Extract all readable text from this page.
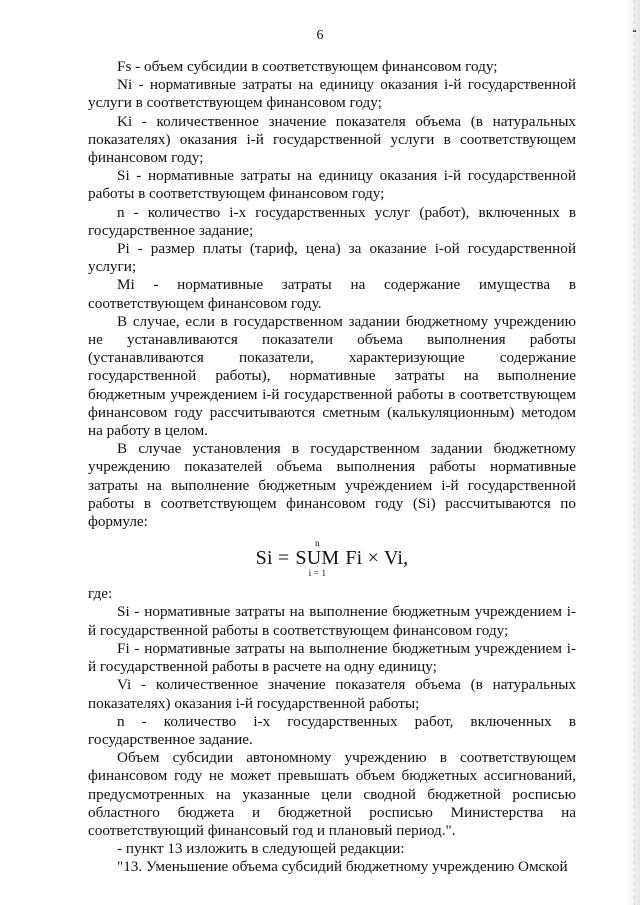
6

Fs - объем субсидии в соответствующем финансовом году;

Ni - нормативные затраты на единицу оказания i-й государственной услуги в соответствующем финансовом году;

Ki - количественное значение показателя объема (в натуральных показателях) оказания i-й государственной услуги в соответствующем финансовом году;

Si - нормативные затраты на единицу оказания i-й государственной работы в соответствующем финансовом году;

n - количество i-х государственных услуг (работ), включенных в государственное задание;

Pi - размер платы (тариф, цена) за оказание i-ой государственной услуги;

Mi - нормативные затраты на содержание имущества в соответствующем финансовом году.

В случае, если в государственном задании бюджетному учреждению не устанавливаются показатели объема выполнения работы (устанавливаются показатели, характеризующие содержание государственной работы), нормативные затраты на выполнение бюджетным учреждением i-й государственной работы в соответствующем финансовом году рассчитываются сметным (калькуляционным) методом на работу в целом.

В случае установления в государственном задании бюджетному учреждению показателей объема выполнения работы нормативные затраты на выполнение бюджетным учреждением i-й государственной работы в соответствующем финансовом году (Si) рассчитываются по формуле:

Si =
n
SUM
i = 1
Fi × Vi,

где:

Si - нормативные затраты на выполнение бюджетным учреждением i-й государственной работы в соответствующем финансовом году;

Fi - нормативные затраты на выполнение бюджетным учреждением i-й государственной работы в расчете на одну единицу;

Vi - количественное значение показателя объема (в натуральных показателях) оказания i-й государственной работы;

n - количество i-х государственных работ, включенных в государственное задание.

Объем субсидии автономному учреждению в соответствующем финансовом году не может превышать объем бюджетных ассигнований, предусмотренных на указанные цели сводной бюджетной росписью областного бюджета и бюджетной росписью Министерства на соответствующий финансовый год и плановый период.".

- пункт 13 изложить в следующей редакции:

"13. Уменьшение объема субсидий бюджетному учреждению Омской
